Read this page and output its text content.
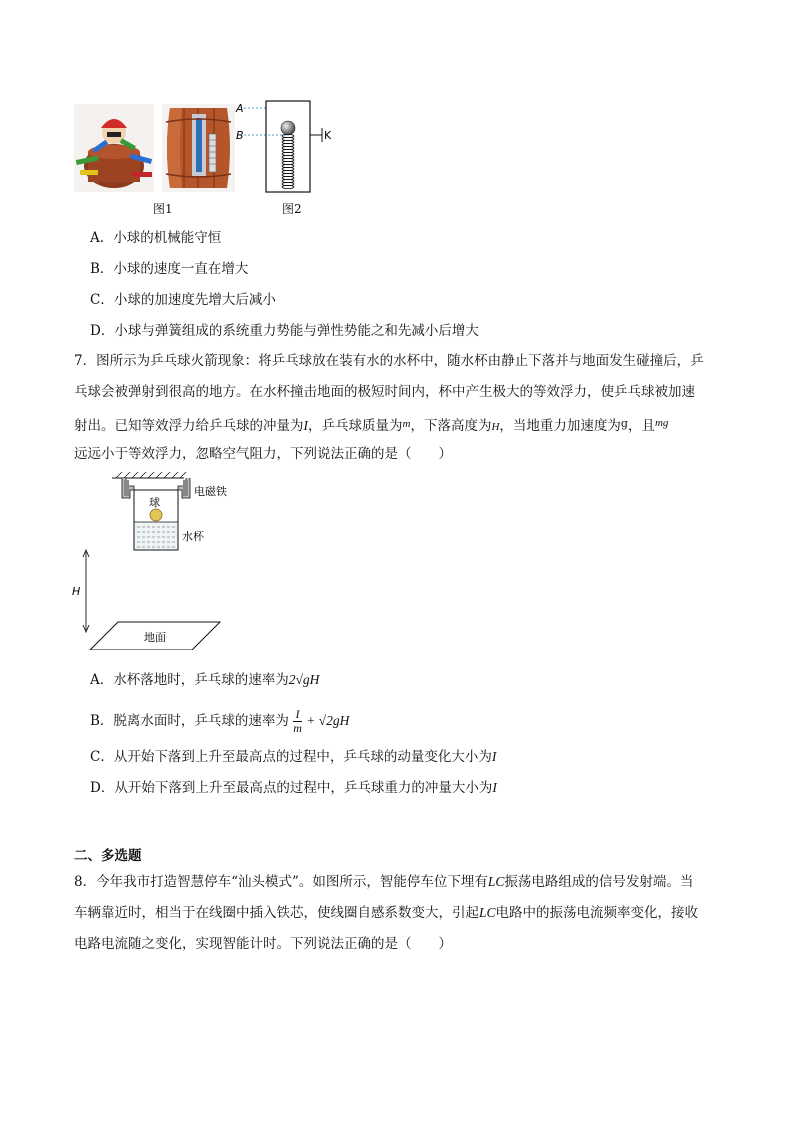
A
B	K
图1	图2
A．小球的机械能守恒
B．小球的速度一直在增大
C．小球的加速度先增大后减小
D．小球与弹簧组成的系统重力势能与弹性势能之和先减小后增大
7．图所示为乒乓球火箭现象：将乒乓球放在装有水的水杯中，随水杯由静止下落并与地面发生碰撞后，乒
乓球会被弹射到很高的地方。在水杯撞击地面的极短时间内，杯中产生极大的等效浮力，使乒乓球被加速
射出。已知等效浮力给乒乓球的冲量为I，乒乓球质量为$^m$，下落高度为H，当地重力加速度为$^g$，且$^{mg}$
远远小于等效浮力，忽略空气阻力，下列说法正确的是（　　）
电磁铁
球
水杯
H
地面
A．水杯落地时，乒乓球的速率为2√gH
B．脱离水面时，乒乓球的速率为 $\frac{I}{m} + √2gH$
C．从开始下落到上升至最高点的过程中，乒乓球的动量变化大小为I
D．从开始下落到上升至最高点的过程中，乒乓球重力的冲量大小为I
二、多选题
8．今年我市打造智慧停车“汕头模式”。如图所示，智能停车位下埋有LC振荡电路组成的信号发射端。当
车辆靠近时，相当于在线圈中插入铁芯，使线圈自感系数变大，引起LC电路中的振荡电流频率变化，接收
电路电流随之变化，实现智能计时。下列说法正确的是（　　）
